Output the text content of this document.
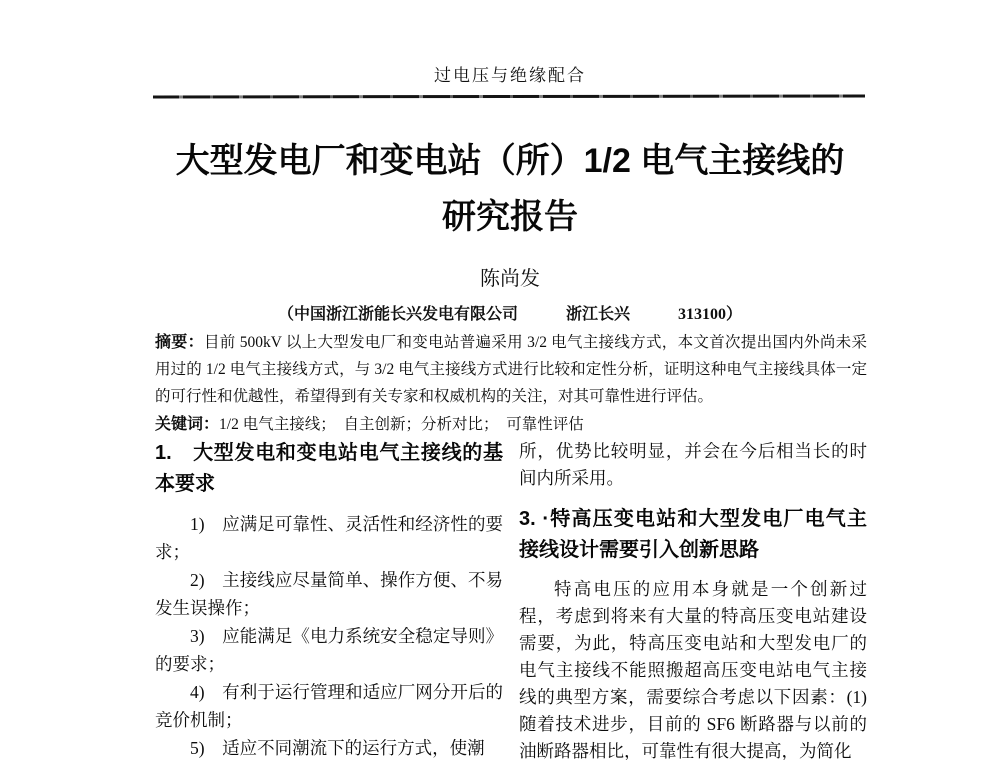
过电压与绝缘配合
大型发电厂和变电站（所）1/2 电气主接线的
研究报告
陈尚发
（中国浙江浙能长兴发电有限公司　　　浙江长兴　　　313100）
摘要：目前 500kV 以上大型发电厂和变电站普遍采用 3/2 电气主接线方式，本文首次提出国内外尚未采用过的 1/2 电气主接线方式，与 3/2 电气主接线方式进行比较和定性分析，证明这种电气主接线具体一定的可行性和优越性，希望得到有关专家和权威机构的关注，对其可靠性进行评估。
关键词：1/2 电气主接线；　自主创新；分析对比；　可靠性评估
1.　大型发电和变电站电气主接线的基本要求

1)　应满足可靠性、灵活性和经济性的要求；

2)　主接线应尽量简单、操作方便、不易发生误操作；

3)　应能满足《电力系统安全稳定导则》的要求；

4)　有利于运行管理和适应厂网分开后的竞价机制；

5)　适应不同潮流下的运行方式，使潮

所，优势比较明显，并会在今后相当长的时间内所采用。

3. ·特高压变电站和大型发电厂电气主接线设计需要引入创新思路

特高电压的应用本身就是一个创新过程，考虑到将来有大量的特高压变电站建设需要，为此，特高压变电站和大型发电厂的电气主接线不能照搬超高压变电站电气主接线的典型方案，需要综合考虑以下因素：(1)随着技术进步，目前的 SF6 断路器与以前的油断路器相比，可靠性有很大提高，为简化
